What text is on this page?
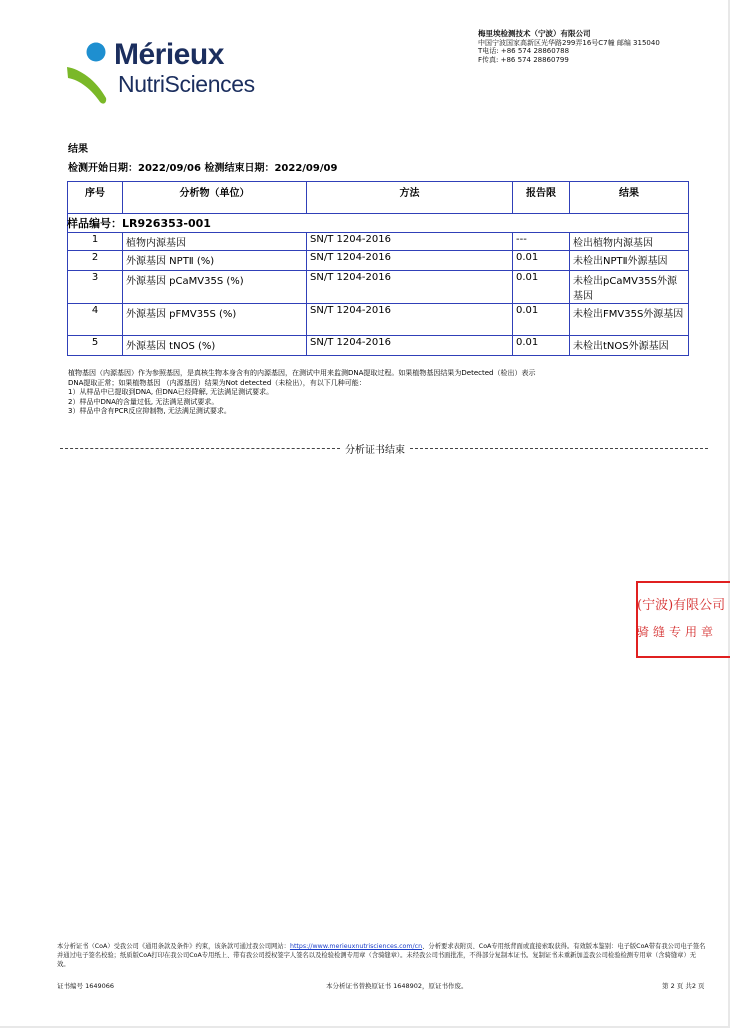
Mérieux
NutriSciences
梅里埃检测技术（宁波）有限公司
中国宁波国家高新区光华路299弄16号C7幢 邮编 315040
T电话: +86 574 28860788
F传真: +86 574 28860799
结果
检测开始日期：2022/09/06 检测结束日期：2022/09/09
序号	分析物（单位）	方法	报告限	结果
样品编号：LR926353-001				
1	植物内源基因	SN/T 1204-2016	---	检出植物内源基因
2	外源基因 NPTⅡ (%)	SN/T 1204-2016	0.01	未检出NPTⅡ外源基因
3	外源基因 pCaMV35S (%)	SN/T 1204-2016	0.01	未检出pCaMV35S外源基因
4	外源基因 pFMV35S (%)	SN/T 1204-2016	0.01	未检出FMV35S外源基因
5	外源基因 tNOS (%)	SN/T 1204-2016	0.01	未检出tNOS外源基因
植物基因（内源基因）作为参照基因，是真核生物本身含有的内源基因，在测试中用来监测DNA提取过程。如果植物基因结果为Detected（检出）表示
DNA提取正常；如果植物基因 （内源基因）结果为Not detected（未检出），有以下几种可能：
1）从样品中已提取到DNA, 但DNA已经降解, 无法满足测试要求。
2）样品中DNA的含量过低, 无法满足测试要求。
3）样品中含有PCR反应抑制物, 无法满足测试要求。
分析证书结束
(宁波)有限公司
骑缝专用章
本分析证书（CoA）受我公司《通用条款及条件》约束，该条款可通过我公司网站：https://www.merieuxnutrisciences.com/cn、分析要求表附页、CoA专用纸背面或直接索取获得。有效版本鉴别：电子版CoA带有我公司电子签名并通过电子签名校验；纸质版CoA打印在我公司CoA专用纸上、带有我公司授权签字人签名以及检验检测专用章（含骑缝章）。未经我公司书面批准，不得部分复制本证书。复制证书未重新加盖我公司检验检测专用章（含骑缝章）无效。
证书编号 1649066	本分析证书替换原证书 1648902，原证书作废。	第 2 页 共2 页
